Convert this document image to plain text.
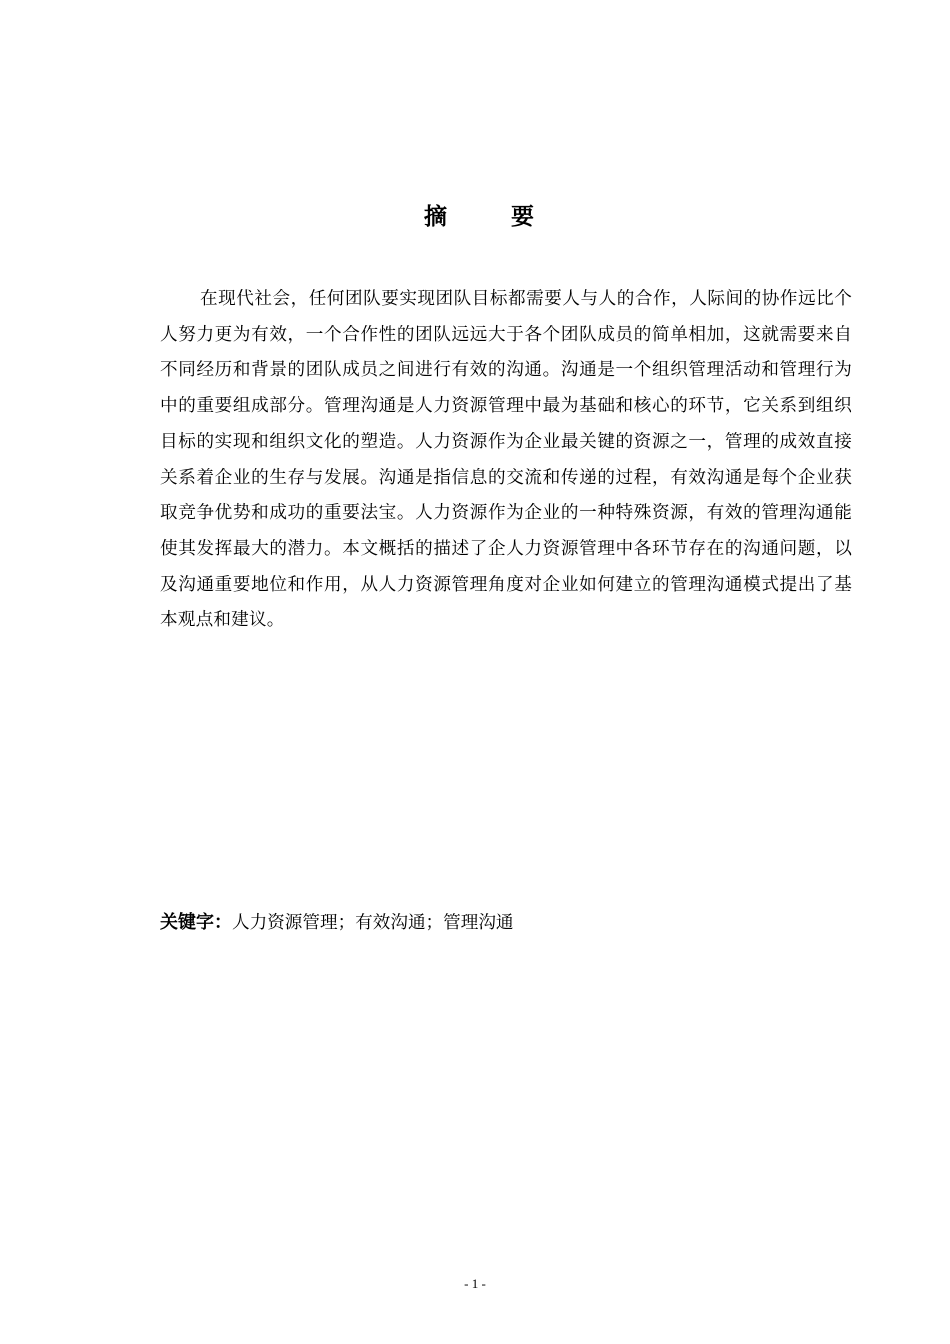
摘 要

在现代社会，任何团队要实现团队目标都需要人与人的合作，人际间的协作远比个人努力更为有效，一个合作性的团队远远大于各个团队成员的简单相加，这就需要来自不同经历和背景的团队成员之间进行有效的沟通。沟通是一个组织管理活动和管理行为中的重要组成部分。管理沟通是人力资源管理中最为基础和核心的环节，它关系到组织目标的实现和组织文化的塑造。人力资源作为企业最关键的资源之一，管理的成效直接关系着企业的生存与发展。沟通是指信息的交流和传递的过程，有效沟通是每个企业获取竞争优势和成功的重要法宝。人力资源作为企业的一种特殊资源，有效的管理沟通能使其发挥最大的潜力。本文概括的描述了企人力资源管理中各环节存在的沟通问题，以及沟通重要地位和作用，从人力资源管理角度对企业如何建立的管理沟通模式提出了基本观点和建议。

关键字：人力资源管理；有效沟通；管理沟通
- 1 -
